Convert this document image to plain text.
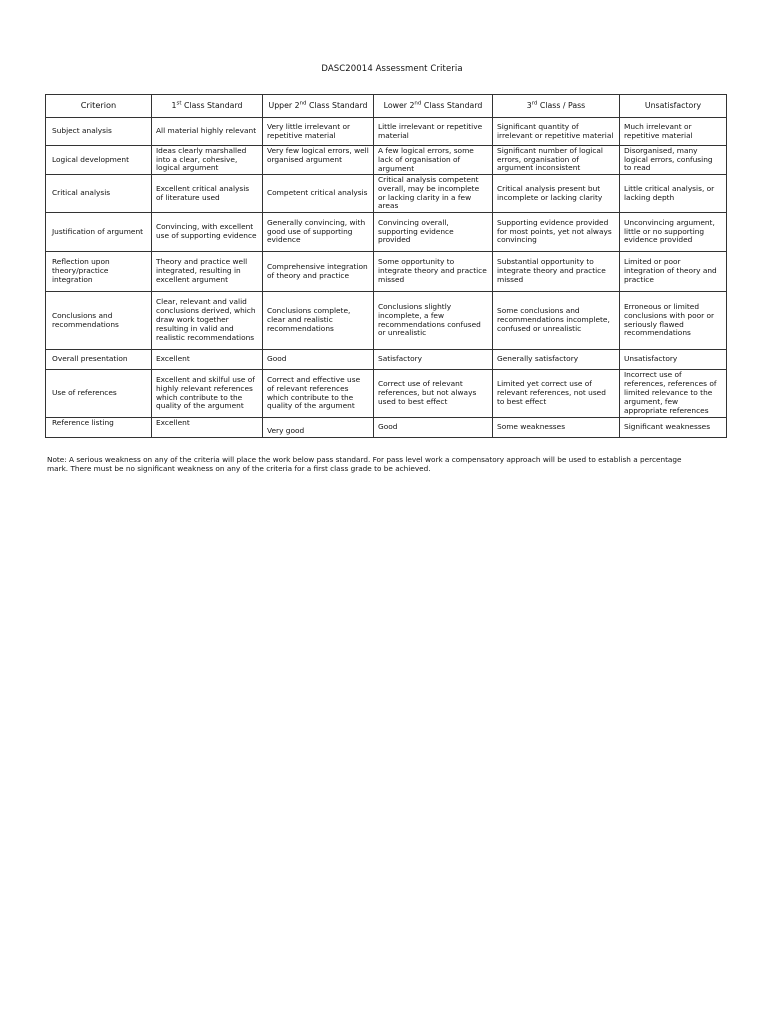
DASC20014 Assessment Criteria
Criterion	1st Class Standard	Upper 2nd Class Standard	Lower 2nd Class Standard	3rd Class / Pass	Unsatisfactory
Subject analysis	All material highly relevant	Very little irrelevant or repetitive material	Little irrelevant or repetitive material	Significant quantity of irrelevant or repetitive material	Much irrelevant or repetitive material
Logical development	Ideas clearly marshalled into a clear, cohesive, logical argument	Very few logical errors, well organised argument	A few logical errors, some lack of organisation of argument	Significant number of logical errors, organisation of argument inconsistent	Disorganised, many logical errors, confusing to read
Critical analysis	Excellent critical analysis of literature used	Competent critical analysis	Critical analysis competent overall, may be incomplete or lacking clarity in a few areas	Critical analysis present but incomplete or lacking clarity	Little critical analysis, or lacking depth
Justification of argument	Convincing, with excellent use of supporting evidence	Generally convincing, with good use of supporting evidence	Convincing overall, supporting evidence provided	Supporting evidence provided for most points, yet not always convincing	Unconvincing argument, little or no supporting evidence provided
Reflection upon theory/practice integration	Theory and practice well integrated, resulting in excellent argument	Comprehensive integration of theory and practice	Some opportunity to integrate theory and practice missed	Substantial opportunity to integrate theory and practice missed	Limited or poor integration of theory and practice
Conclusions and recommendations	Clear, relevant and valid conclusions derived, which draw work together resulting in valid and realistic recommendations	Conclusions complete, clear and realistic recommendations	Conclusions slightly incomplete, a few recommendations confused or unrealistic	Some conclusions and recommendations incomplete, confused or unrealistic	Erroneous or limited conclusions with poor or seriously flawed recommendations
Overall presentation	Excellent	Good	Satisfactory	Generally satisfactory	Unsatisfactory
Use of references	Excellent and skilful use of highly relevant references which contribute to the quality of the argument	Correct and effective use of relevant references which contribute to the quality of the argument	Correct use of relevant references, but not always used to best effect	Limited yet correct use of relevant references, not used to best effect	Incorrect use of references, references of limited relevance to the argument, few appropriate references
Reference listing	Excellent	Very good	Good	Some weaknesses	Significant weaknesses
Note: A serious weakness on any of the criteria will place the work below pass standard. For pass level work a compensatory approach will be used to establish a percentage mark. There must be no significant weakness on any of the criteria for a first class grade to be achieved.
